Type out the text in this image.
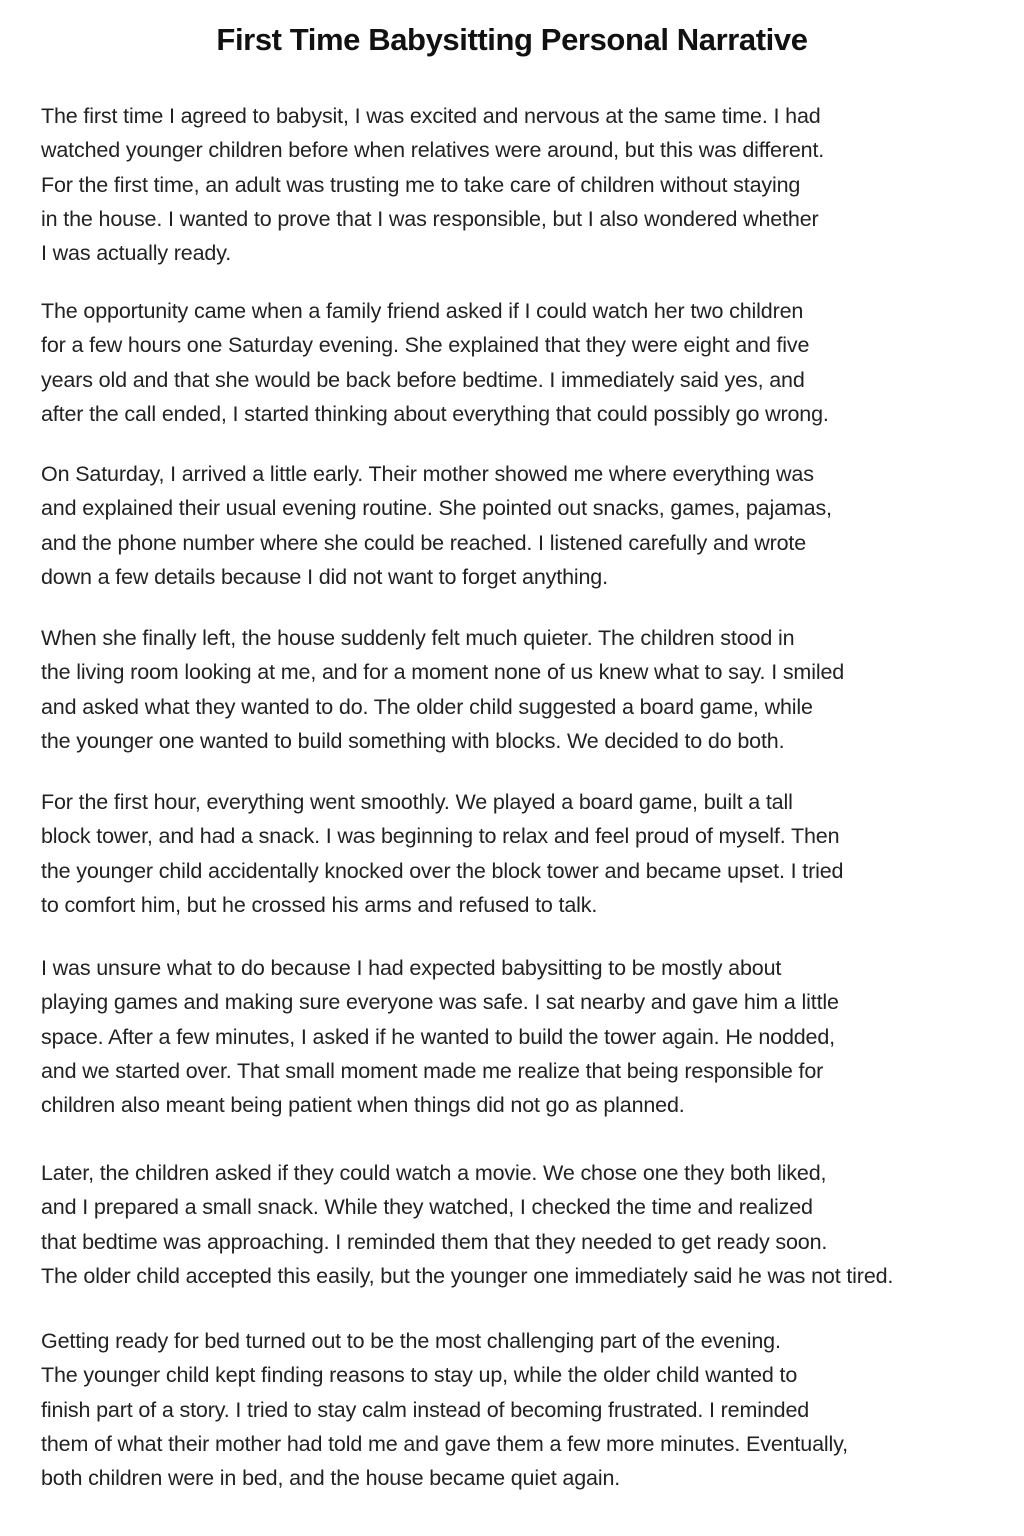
First Time Babysitting Personal Narrative

The first time I agreed to babysit, I was excited and nervous at the same time. I had
watched younger children before when relatives were around, but this was different.
For the first time, an adult was trusting me to take care of children without staying
in the house. I wanted to prove that I was responsible, but I also wondered whether
I was actually ready.

The opportunity came when a family friend asked if I could watch her two children
for a few hours one Saturday evening. She explained that they were eight and five
years old and that she would be back before bedtime. I immediately said yes, and
after the call ended, I started thinking about everything that could possibly go wrong.

On Saturday, I arrived a little early. Their mother showed me where everything was
and explained their usual evening routine. She pointed out snacks, games, pajamas,
and the phone number where she could be reached. I listened carefully and wrote
down a few details because I did not want to forget anything.

When she finally left, the house suddenly felt much quieter. The children stood in
the living room looking at me, and for a moment none of us knew what to say. I smiled
and asked what they wanted to do. The older child suggested a board game, while
the younger one wanted to build something with blocks. We decided to do both.

For the first hour, everything went smoothly. We played a board game, built a tall
block tower, and had a snack. I was beginning to relax and feel proud of myself. Then
the younger child accidentally knocked over the block tower and became upset. I tried
to comfort him, but he crossed his arms and refused to talk.

I was unsure what to do because I had expected babysitting to be mostly about
playing games and making sure everyone was safe. I sat nearby and gave him a little
space. After a few minutes, I asked if he wanted to build the tower again. He nodded,
and we started over. That small moment made me realize that being responsible for
children also meant being patient when things did not go as planned.

Later, the children asked if they could watch a movie. We chose one they both liked,
and I prepared a small snack. While they watched, I checked the time and realized
that bedtime was approaching. I reminded them that they needed to get ready soon.
The older child accepted this easily, but the younger one immediately said he was not tired.

Getting ready for bed turned out to be the most challenging part of the evening.
The younger child kept finding reasons to stay up, while the older child wanted to
finish part of a story. I tried to stay calm instead of becoming frustrated. I reminded
them of what their mother had told me and gave them a few more minutes. Eventually,
both children were in bed, and the house became quiet again.
